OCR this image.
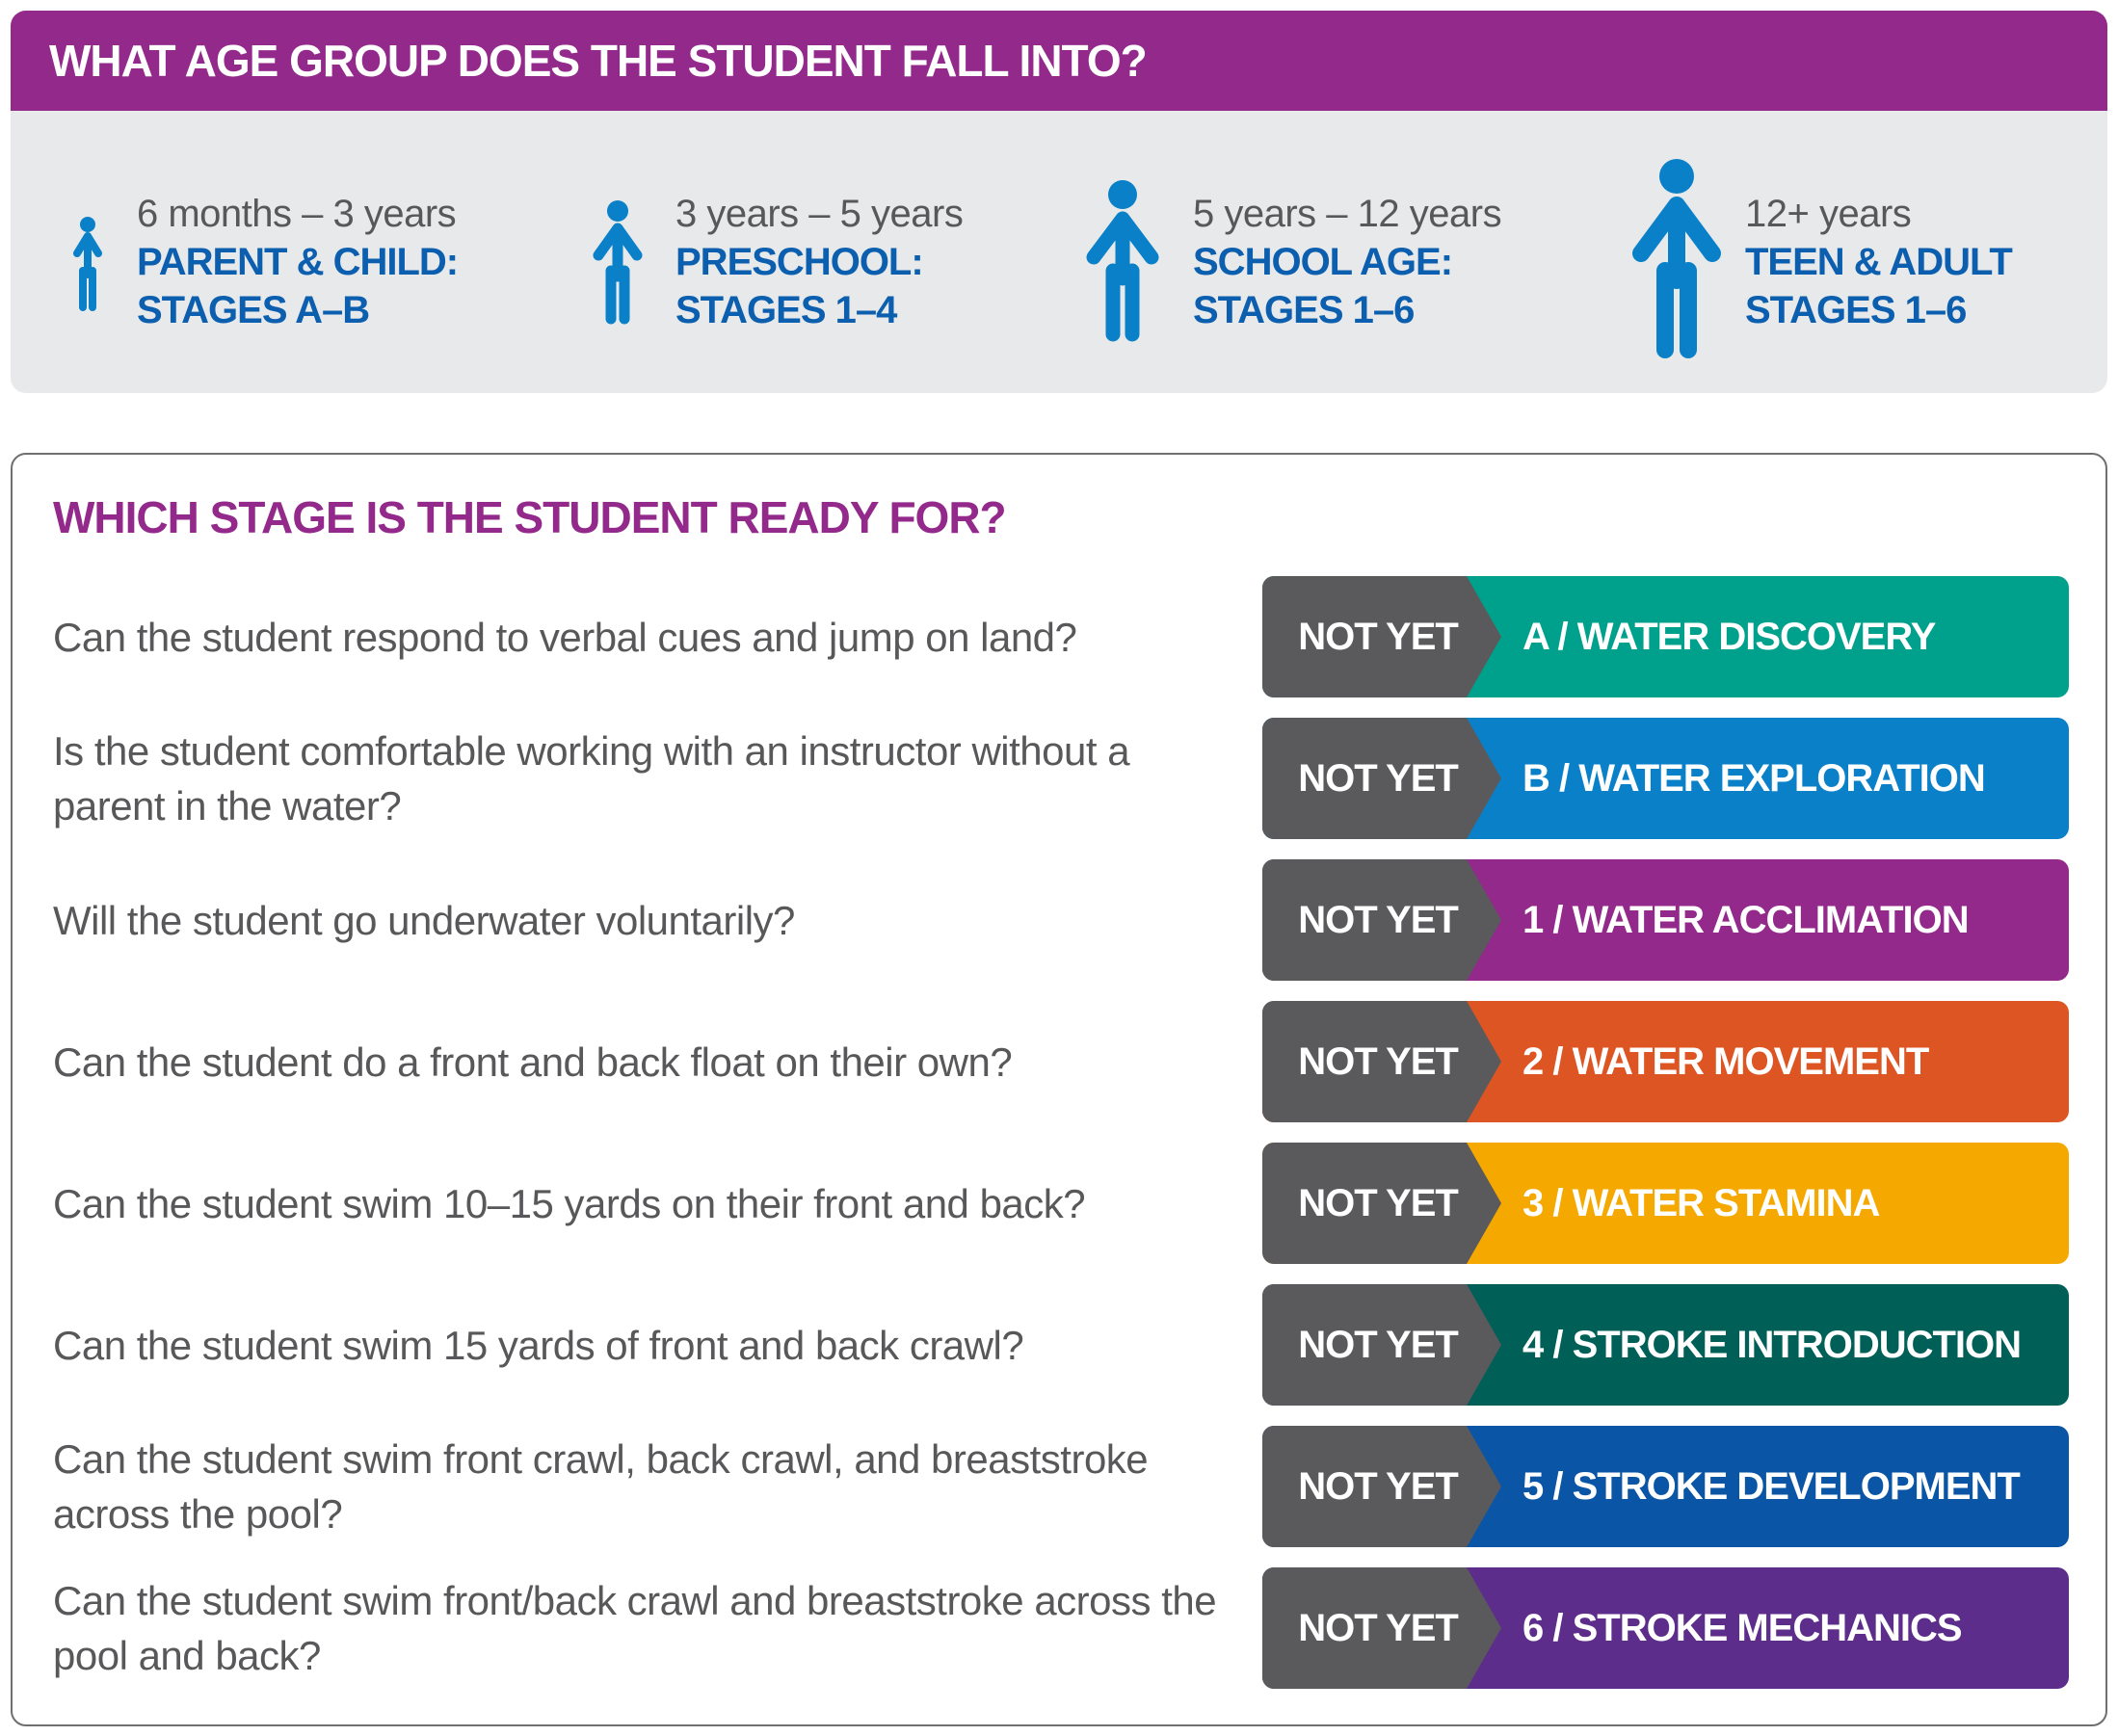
WHAT AGE GROUP DOES THE STUDENT FALL INTO?
6 months – 3 years
PARENT & CHILD:
STAGES A–B
3 years – 5 years
PRESCHOOL:
STAGES 1–4
5 years – 12 years
SCHOOL AGE:
STAGES 1–6
12+ years
TEEN & ADULT
STAGES 1–6
WHICH STAGE IS THE STUDENT READY FOR?
Can the student respond to verbal cues and jump on land?	NOT YET	A / WATER DISCOVERY
Is the student comfortable working with an instructor without a parent in the water?
NOT YET	B / WATER EXPLORATION
Will the student go underwater voluntarily?	NOT YET	1 / WATER ACCLIMATION
Can the student do a front and back float on their own?	NOT YET	2 / WATER MOVEMENT
Can the student swim 10–15 yards on their front and back?	NOT YET	3 / WATER STAMINA
Can the student swim 15 yards of front and back crawl?	NOT YET	4 / STROKE INTRODUCTION
Can the student swim front crawl, back crawl, and breaststroke across the pool?
NOT YET	5 / STROKE DEVELOPMENT
Can the student swim front/back crawl and breaststroke across the pool and back?
NOT YET	6 / STROKE MECHANICS
